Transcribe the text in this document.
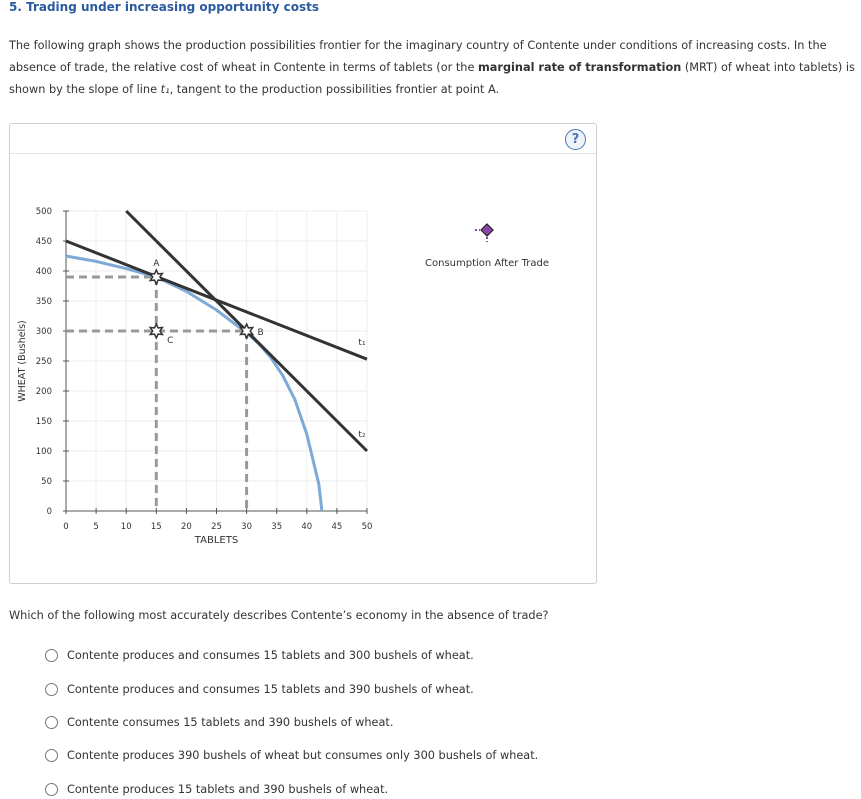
5. Trading under increasing opportunity costs
The following graph shows the production possibilities frontier for the imaginary country of Contente under conditions of increasing costs. In the absence of trade, the relative cost of wheat in Contente in terms of tablets (or the marginal rate of transformation (MRT) of wheat into tablets) is shown by the slope of line t₁, tangent to the production possibilities frontier at point A.
?
0	5	10 15 20 25 30 35 40 45 50
0
50
100
150
200
250
300
350
400
450
500
TABLETS
WHEAT (Bushels)	t₁
t₂
A
B
C
Consumption After Trade
Which of the following most accurately describes Contente’s economy in the absence of trade?
Contente produces and consumes 15 tablets and 300 bushels of wheat.
Contente produces and consumes 15 tablets and 390 bushels of wheat.
Contente consumes 15 tablets and 390 bushels of wheat.
Contente produces 390 bushels of wheat but consumes only 300 bushels of wheat.
Contente produces 15 tablets and 390 bushels of wheat.
